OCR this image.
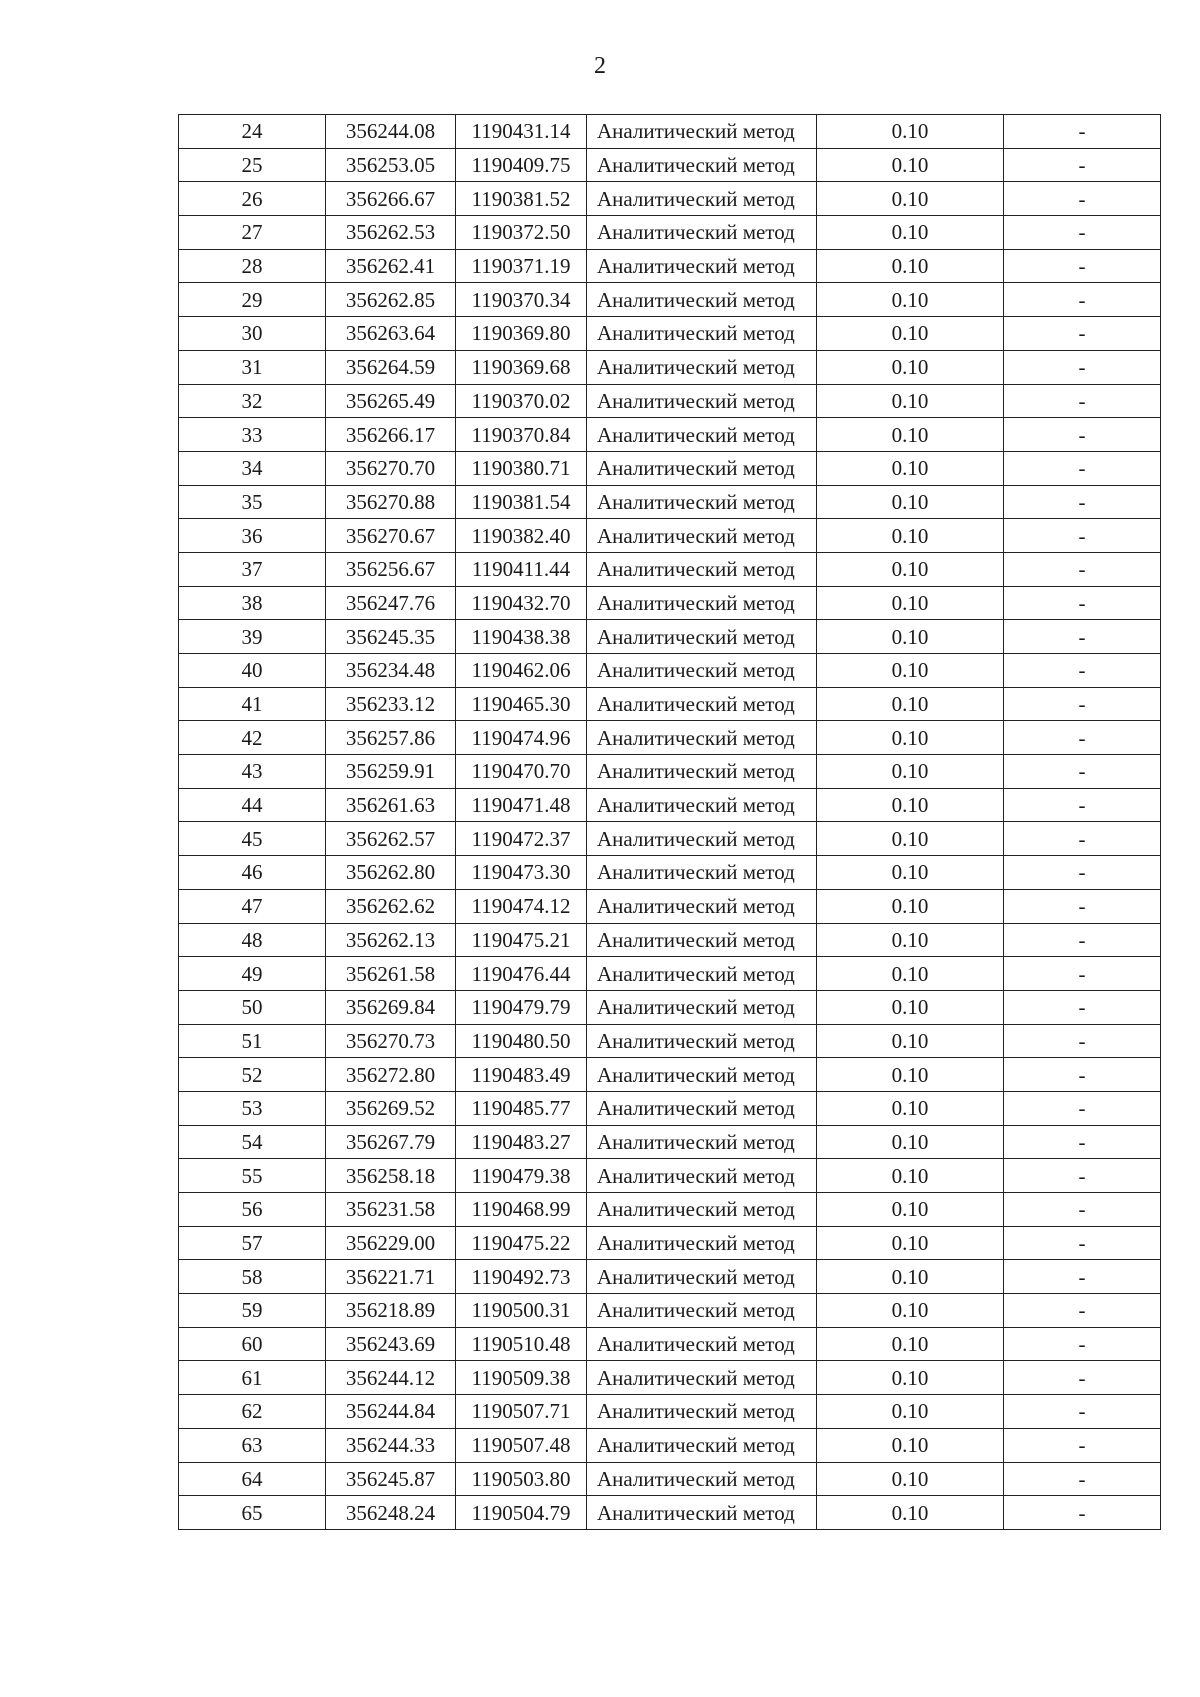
2
24	356244.08	1190431.14	Аналитический метод	0.10	-
25	356253.05	1190409.75	Аналитический метод	0.10	-
26	356266.67	1190381.52	Аналитический метод	0.10	-
27	356262.53	1190372.50	Аналитический метод	0.10	-
28	356262.41	1190371.19	Аналитический метод	0.10	-
29	356262.85	1190370.34	Аналитический метод	0.10	-
30	356263.64	1190369.80	Аналитический метод	0.10	-
31	356264.59	1190369.68	Аналитический метод	0.10	-
32	356265.49	1190370.02	Аналитический метод	0.10	-
33	356266.17	1190370.84	Аналитический метод	0.10	-
34	356270.70	1190380.71	Аналитический метод	0.10	-
35	356270.88	1190381.54	Аналитический метод	0.10	-
36	356270.67	1190382.40	Аналитический метод	0.10	-
37	356256.67	1190411.44	Аналитический метод	0.10	-
38	356247.76	1190432.70	Аналитический метод	0.10	-
39	356245.35	1190438.38	Аналитический метод	0.10	-
40	356234.48	1190462.06	Аналитический метод	0.10	-
41	356233.12	1190465.30	Аналитический метод	0.10	-
42	356257.86	1190474.96	Аналитический метод	0.10	-
43	356259.91	1190470.70	Аналитический метод	0.10	-
44	356261.63	1190471.48	Аналитический метод	0.10	-
45	356262.57	1190472.37	Аналитический метод	0.10	-
46	356262.80	1190473.30	Аналитический метод	0.10	-
47	356262.62	1190474.12	Аналитический метод	0.10	-
48	356262.13	1190475.21	Аналитический метод	0.10	-
49	356261.58	1190476.44	Аналитический метод	0.10	-
50	356269.84	1190479.79	Аналитический метод	0.10	-
51	356270.73	1190480.50	Аналитический метод	0.10	-
52	356272.80	1190483.49	Аналитический метод	0.10	-
53	356269.52	1190485.77	Аналитический метод	0.10	-
54	356267.79	1190483.27	Аналитический метод	0.10	-
55	356258.18	1190479.38	Аналитический метод	0.10	-
56	356231.58	1190468.99	Аналитический метод	0.10	-
57	356229.00	1190475.22	Аналитический метод	0.10	-
58	356221.71	1190492.73	Аналитический метод	0.10	-
59	356218.89	1190500.31	Аналитический метод	0.10	-
60	356243.69	1190510.48	Аналитический метод	0.10	-
61	356244.12	1190509.38	Аналитический метод	0.10	-
62	356244.84	1190507.71	Аналитический метод	0.10	-
63	356244.33	1190507.48	Аналитический метод	0.10	-
64	356245.87	1190503.80	Аналитический метод	0.10	-
65	356248.24	1190504.79	Аналитический метод	0.10	-
